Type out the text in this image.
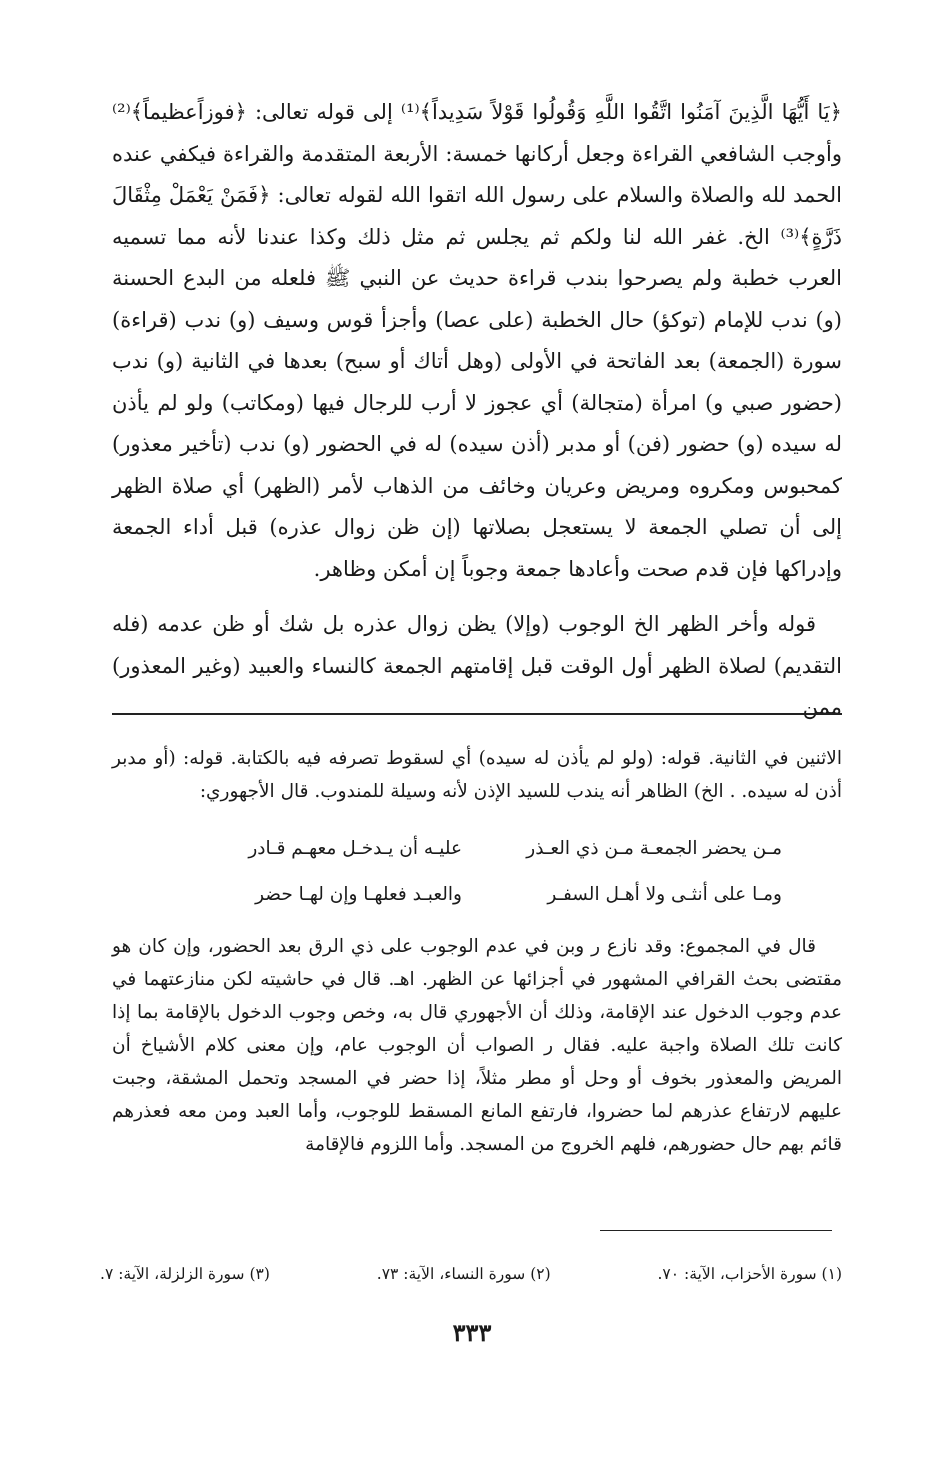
﴿يَا أَيُّهَا الَّذِينَ آمَنُوا اتَّقُوا اللَّهِ وَقُولُوا قَوْلاً سَدِيداً﴾⁽¹⁾ إلى قوله تعالى: ﴿فوزاًعظيماً﴾⁽²⁾ وأوجب الشافعي القراءة وجعل أركانها خمسة: الأربعة المتقدمة والقراءة فيكفي عنده الحمد لله والصلاة والسلام على رسول الله اتقوا الله لقوله تعالى: ﴿فَمَنْ يَعْمَلْ مِثْقَالَ ذَرَّةٍ﴾⁽³⁾ الخ. غفر الله لنا ولكم ثم يجلس ثم مثل ذلك وكذا عندنا لأنه مما تسميه العرب خطبة ولم يصرحوا بندب قراءة حديث عن النبي ﷺ فلعله من البدع الحسنة (و) ندب للإمام (توكؤ) حال الخطبة (على عصا) وأجزأ قوس وسيف (و) ندب (قراءة) سورة (الجمعة) بعد الفاتحة في الأولى (وهل أتاك أو سبح) بعدها في الثانية (و) ندب (حضور صبي و) امرأة (متجالة) أي عجوز لا أرب للرجال فيها (ومكاتب) ولو لم يأذن له سيده (و) حضور (فن) أو مدبر (أذن سيده) له في الحضور (و) ندب (تأخير معذور) كمحبوس ومكروه ومريض وعريان وخائف من الذهاب لأمر (الظهر) أي صلاة الظهر إلى أن تصلي الجمعة لا يستعجل بصلاتها (إن ظن زوال عذره) قبل أداء الجمعة وإدراكها فإن قدم صحت وأعادها جمعة وجوباً إن أمكن وظاهر.

قوله وأخر الظهر الخ الوجوب (وإلا) يظن زوال عذره بل شك أو ظن عدمه (فله التقديم) لصلاة الظهر أول الوقت قبل إقامتهم الجمعة كالنساء والعبيد (وغير المعذور) ممن

الاثنين في الثانية. قوله: (ولو لم يأذن له سيده) أي لسقوط تصرفه فيه بالكتابة. قوله: (أو مدبر أذن له سيده. . الخ) الظاهر أنه يندب للسيد الإذن لأنه وسيلة للمندوب. قال الأجهوري:

مـن يحضر الجمعـة مـن ذي العـذر
عليـه أن يـدخـل معهـم قـادر
ومـا على أنثـى ولا أهـل السفـر
والعبـد فعلهـا وإن لهـا حضر

قال في المجموع: وقد نازع ر وبن في عدم الوجوب على ذي الرق بعد الحضور، وإن كان هو مقتضى بحث القرافي المشهور في أجزائها عن الظهر. اهـ. قال في حاشيته لكن منازعتهما في عدم وجوب الدخول عند الإقامة، وذلك أن الأجهوري قال به، وخص وجوب الدخول بالإقامة بما إذا كانت تلك الصلاة واجبة عليه. فقال ر الصواب أن الوجوب عام، وإن معنى كلام الأشياخ أن المريض والمعذور بخوف أو وحل أو مطر مثلاً، إذا حضر في المسجد وتحمل المشقة، وجبت عليهم لارتفاع عذرهم لما حضروا، فارتفع المانع المسقط للوجوب، وأما العبد ومن معه فعذرهم قائم بهم حال حضورهم، فلهم الخروج من المسجد. وأما اللزوم فالإقامة

(١) سورة الأحزاب، الآية: ٧٠.
(٢) سورة النساء، الآية: ٧٣.
(٣) سورة الزلزلة، الآية: ٧.
٣٣٣
